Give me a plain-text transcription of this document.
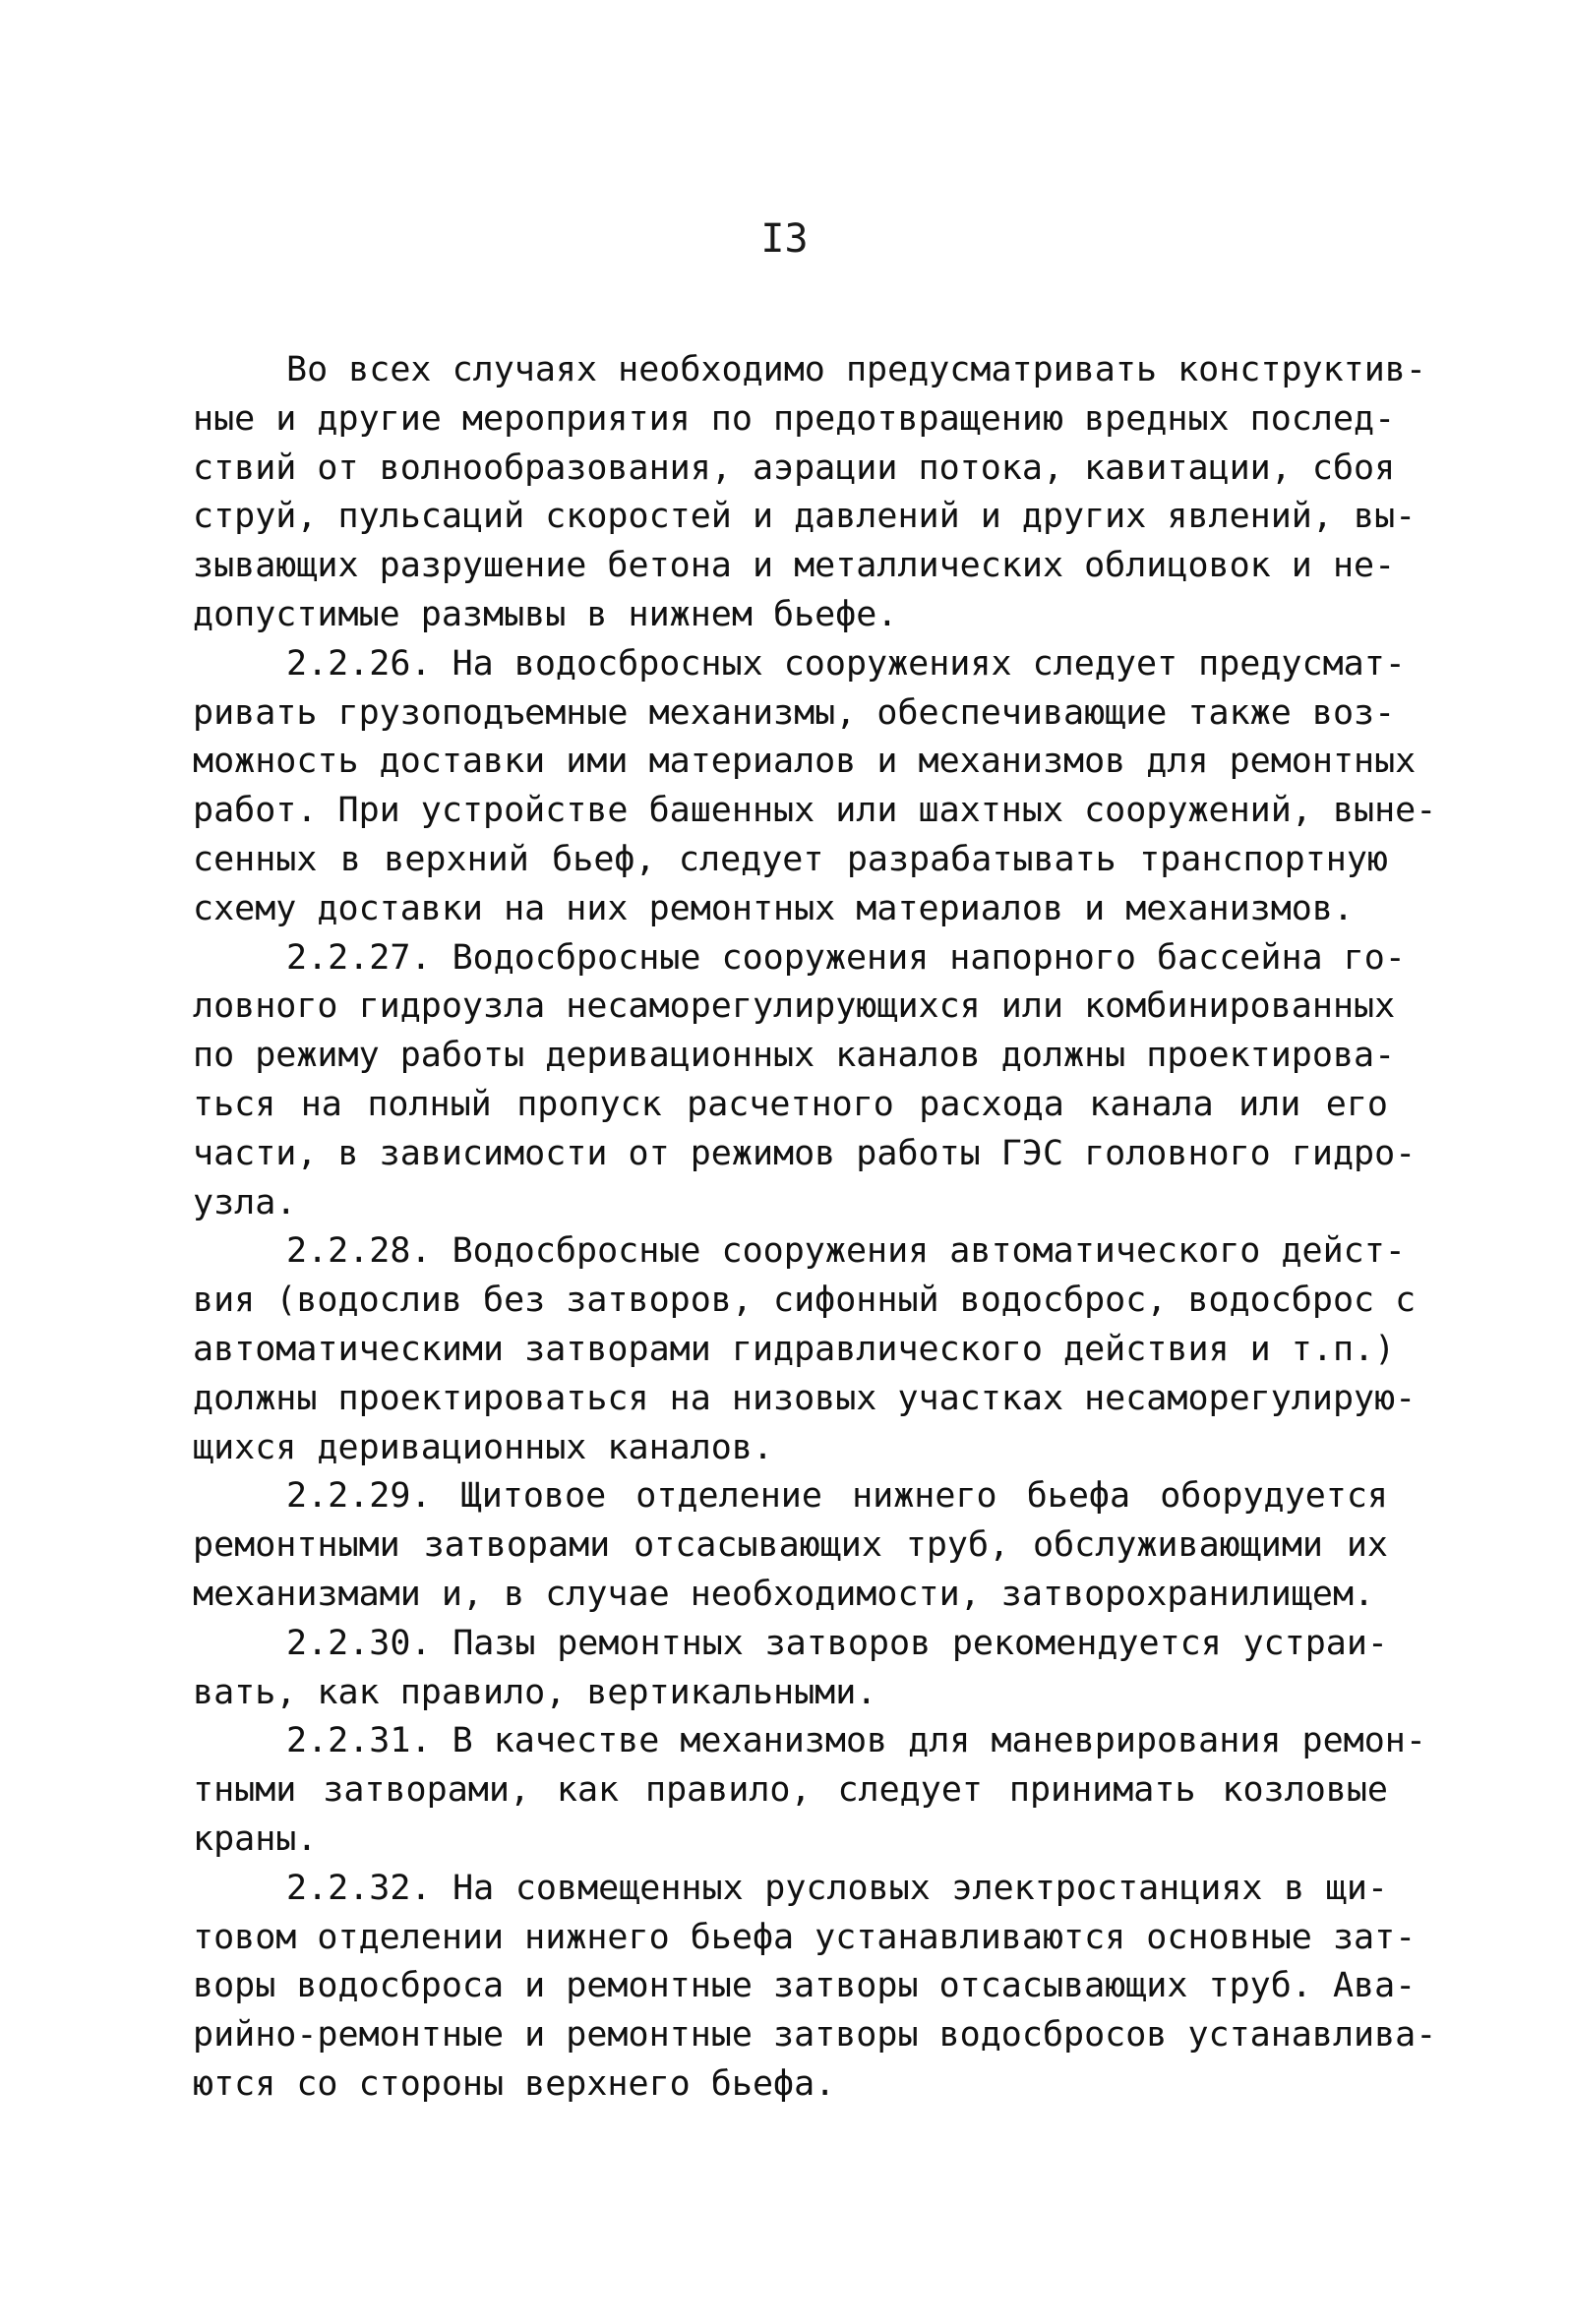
I3
Во всех случаях необходимо предусматривать конструктив-
ные и другие мероприятия по предотвращению вредных послед-
ствий от волнообразования, аэрации потока, кавитации, сбоя
струй, пульсаций скоростей и давлений и других явлений, вы-
зывающих разрушение бетона и металлических облицовок и не-
допустимые размывы в нижнем бьефе.
2.2.26. На водосбросных сооружениях следует предусмат-
ривать грузоподъемные механизмы, обеспечивающие также воз-
можность доставки ими материалов и механизмов для ремонтных
работ. При устройстве башенных или шахтных сооружений, выне-
сенных в верхний бьеф, следует разрабатывать транспортную
схему доставки на них ремонтных материалов и механизмов.
2.2.27. Водосбросные сооружения напорного бассейна го-
ловного гидроузла несаморегулирующихся или комбинированных
по режиму работы деривационных каналов должны проектирова-
ться на полный пропуск расчетного расхода канала или его
части, в зависимости от режимов работы ГЭС головного гидро-
узла.
2.2.28. Водосбросные сооружения автоматического дейст-
вия (водослив без затворов, сифонный водосброс, водосброс с
автоматическими затворами гидравлического действия и т.п.)
должны проектироваться на низовых участках несаморегулирую-
щихся деривационных каналов.
2.2.29. Щитовое отделение нижнего бьефа оборудуется
ремонтными затворами отсасывающих труб, обслуживающими их
механизмами и, в случае необходимости, затворохранилищем.
2.2.30. Пазы ремонтных затворов рекомендуется устраи-
вать, как правило, вертикальными.
2.2.31. В качестве механизмов для маневрирования ремон-
тными затворами, как правило, следует принимать козловые
краны.
2.2.32. На совмещенных русловых электростанциях в щи-
товом отделении нижнего бьефа устанавливаются основные зат-
воры водосброса и ремонтные затворы отсасывающих труб. Ава-
рийно-ремонтные и ремонтные затворы водосбросов устанавлива-
ются со стороны верхнего бьефа.
